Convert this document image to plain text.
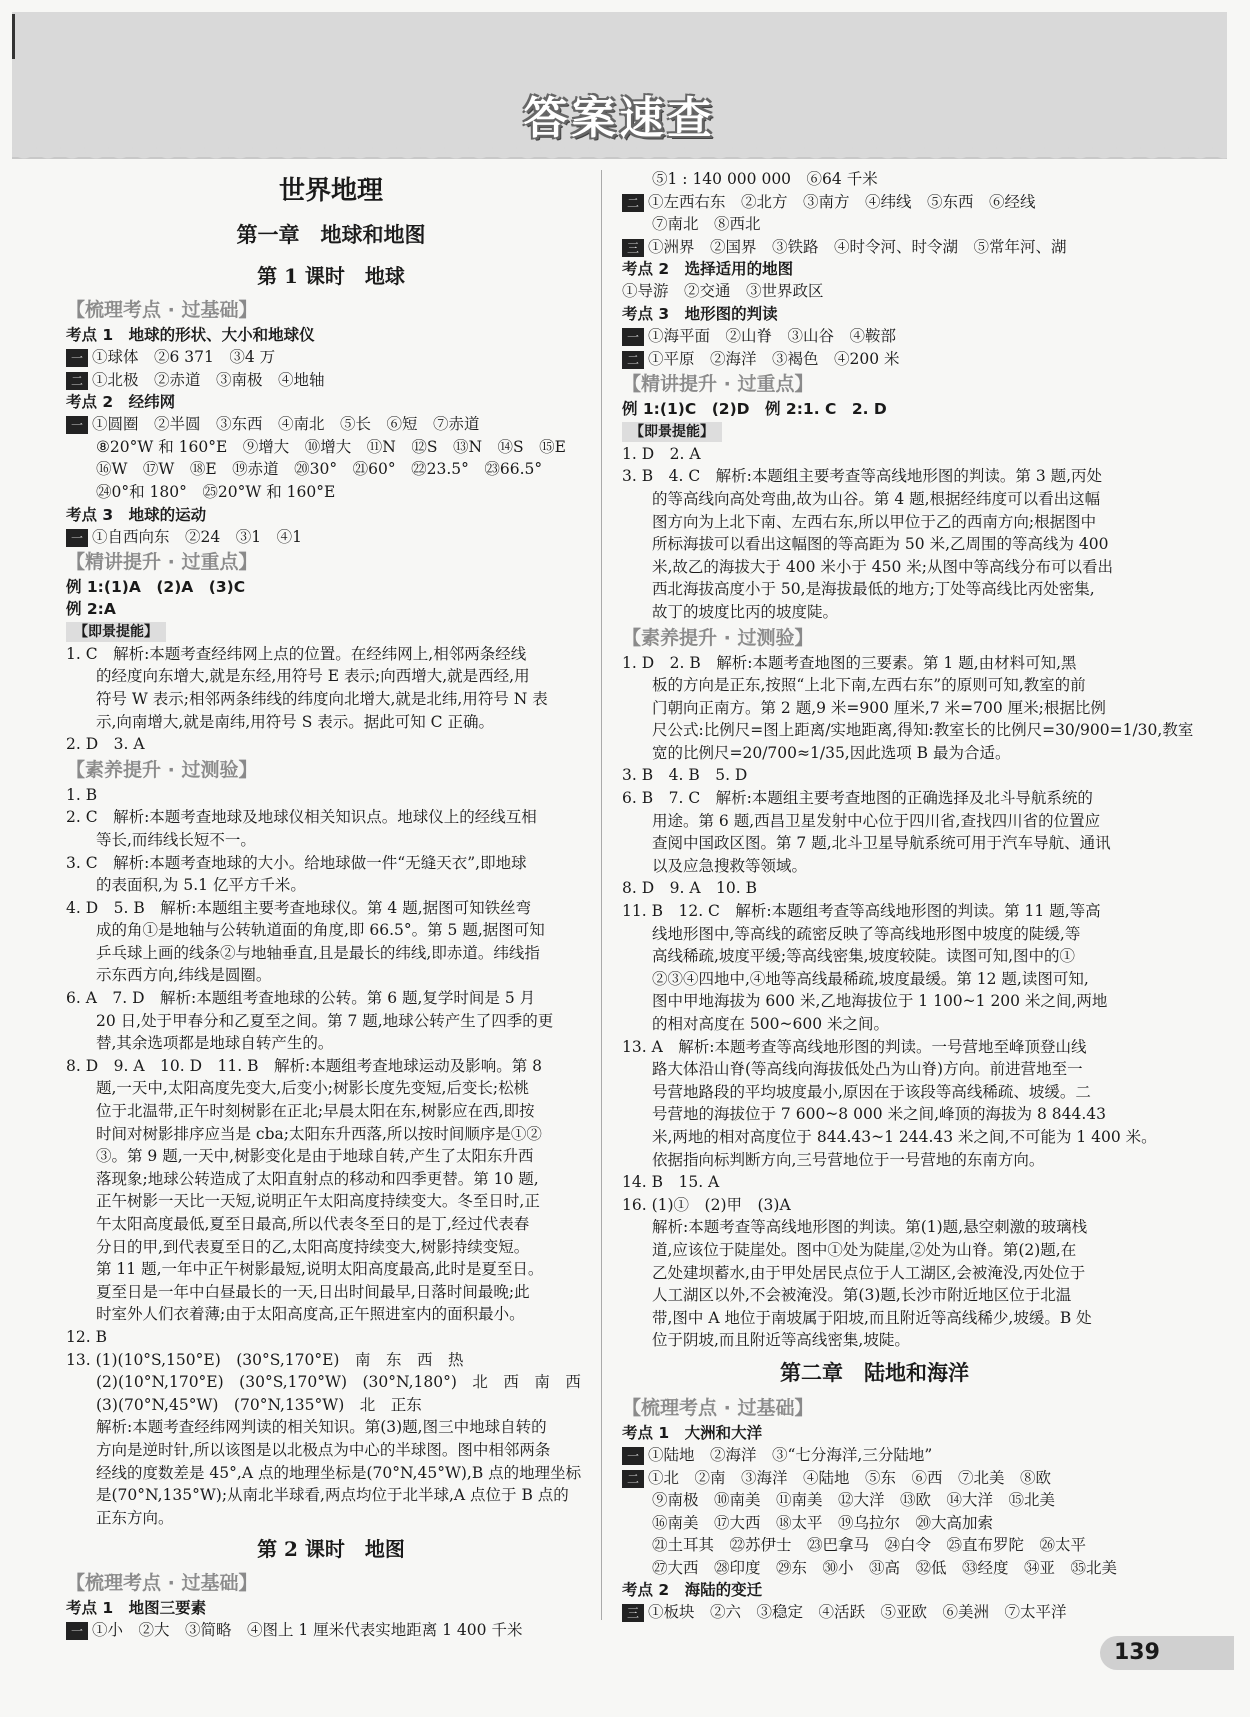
答案速查
世界地理
第一章　地球和地图
第 1 课时　地球
【梳理考点 · 过基础】
考点 1　地球的形状、大小和地球仪
一 ①球体　②6 371　③4 万
二 ①北极　②赤道　③南极　④地轴
考点 2　经纬网
一 ①圆圈　②半圆　③东西　④南北　⑤长　⑥短　⑦赤道
⑧20°W 和 160°E　⑨增大　⑩增大　⑪N　⑫S　⑬N　⑭S　⑮E
⑯W　⑰W　⑱E　⑲赤道　⑳30°　㉑60°　㉒23.5°　㉓66.5°
㉔0°和 180°　㉕20°W 和 160°E
考点 3　地球的运动
一 ①自西向东　②24　③1　④1
【精讲提升 · 过重点】
例 1:(1)A　(2)A　(3)C
例 2:A
【即景提能】
1. C　解析:本题考查经纬网上点的位置。在经纬网上,相邻两条经线
的经度向东增大,就是东经,用符号 E 表示;向西增大,就是西经,用
符号 W 表示;相邻两条纬线的纬度向北增大,就是北纬,用符号 N 表
示,向南增大,就是南纬,用符号 S 表示。据此可知 C 正确。
2. D　3. A
【素养提升 · 过测验】
1. B
2. C　解析:本题考查地球及地球仪相关知识点。地球仪上的经线互相
等长,而纬线长短不一。
3. C　解析:本题考查地球的大小。给地球做一件“无缝天衣”,即地球
的表面积,为 5.1 亿平方千米。
4. D　5. B　解析:本题组主要考查地球仪。第 4 题,据图可知铁丝弯
成的角①是地轴与公转轨道面的角度,即 66.5°。第 5 题,据图可知
乒乓球上画的线条②与地轴垂直,且是最长的纬线,即赤道。纬线指
示东西方向,纬线是圆圈。
6. A　7. D　解析:本题组考查地球的公转。第 6 题,复学时间是 5 月
20 日,处于甲春分和乙夏至之间。第 7 题,地球公转产生了四季的更
替,其余选项都是地球自转产生的。
8. D　9. A　10. D　11. B　解析:本题组考查地球运动及影响。第 8
题,一天中,太阳高度先变大,后变小;树影长度先变短,后变长;松桃
位于北温带,正午时刻树影在正北;早晨太阳在东,树影应在西,即按
时间对树影排序应当是 cba;太阳东升西落,所以按时间顺序是①②
③。第 9 题,一天中,树影变化是由于地球自转,产生了太阳东升西
落现象;地球公转造成了太阳直射点的移动和四季更替。第 10 题,
正午树影一天比一天短,说明正午太阳高度持续变大。冬至日时,正
午太阳高度最低,夏至日最高,所以代表冬至日的是丁,经过代表春
分日的甲,到代表夏至日的乙,太阳高度持续变大,树影持续变短。
第 11 题,一年中正午树影最短,说明太阳高度最高,此时是夏至日。
夏至日是一年中白昼最长的一天,日出时间最早,日落时间最晚;此
时室外人们衣着薄;由于太阳高度高,正午照进室内的面积最小。
12. B
13. (1)(10°S,150°E)　(30°S,170°E)　南　东　西　热
(2)(10°N,170°E)　(30°S,170°W)　(30°N,180°)　北　西　南　西
(3)(70°N,45°W)　(70°N,135°W)　北　正东
解析:本题考查经纬网判读的相关知识。第(3)题,图三中地球自转的
方向是逆时针,所以该图是以北极点为中心的半球图。图中相邻两条
经线的度数差是 45°,A 点的地理坐标是(70°N,45°W),B 点的地理坐标
是(70°N,135°W);从南北半球看,两点均位于北半球,A 点位于 B 点的
正东方向。
第 2 课时　地图
【梳理考点 · 过基础】
考点 1　地图三要素
一 ①小　②大　③简略　④图上 1 厘米代表实地距离 1 400 千米
⑤1 : 140 000 000　⑥64 千米
二 ①左西右东　②北方　③南方　④纬线　⑤东西　⑥经线
⑦南北　⑧西北
三 ①洲界　②国界　③铁路　④时令河、时令湖　⑤常年河、湖
考点 2　选择适用的地图
①导游　②交通　③世界政区
考点 3　地形图的判读
一 ①海平面　②山脊　③山谷　④鞍部
二 ①平原　②海洋　③褐色　④200 米
【精讲提升 · 过重点】
例 1:(1)C　(2)D　例 2:1. C　2. D
【即景提能】
1. D　2. A
3. B　4. C　解析:本题组主要考查等高线地形图的判读。第 3 题,丙处
的等高线向高处弯曲,故为山谷。第 4 题,根据经纬度可以看出这幅
图方向为上北下南、左西右东,所以甲位于乙的西南方向;根据图中
所标海拔可以看出这幅图的等高距为 50 米,乙周围的等高线为 400
米,故乙的海拔大于 400 米小于 450 米;从图中等高线分布可以看出
西北海拔高度小于 50,是海拔最低的地方;丁处等高线比丙处密集,
故丁的坡度比丙的坡度陡。
【素养提升 · 过测验】
1. D　2. B　解析:本题考查地图的三要素。第 1 题,由材料可知,黑
板的方向是正东,按照“上北下南,左西右东”的原则可知,教室的前
门朝向正南方。第 2 题,9 米=900 厘米,7 米=700 厘米;根据比例
尺公式:比例尺=图上距离/实地距离,得知:教室长的比例尺=30/900=1/30,教室
宽的比例尺=20/700≈1/35,因此选项 B 最为合适。
3. B　4. B　5. D
6. B　7. C　解析:本题组主要考查地图的正确选择及北斗导航系统的
用途。第 6 题,西昌卫星发射中心位于四川省,查找四川省的位置应
查阅中国政区图。第 7 题,北斗卫星导航系统可用于汽车导航、通讯
以及应急搜救等领域。
8. D　9. A　10. B
11. B　12. C　解析:本题组考查等高线地形图的判读。第 11 题,等高
线地形图中,等高线的疏密反映了等高线地形图中坡度的陡缓,等
高线稀疏,坡度平缓;等高线密集,坡度较陡。读图可知,图中的①
②③④四地中,④地等高线最稀疏,坡度最缓。第 12 题,读图可知,
图中甲地海拔为 600 米,乙地海拔位于 1 100~1 200 米之间,两地
的相对高度在 500~600 米之间。
13. A　解析:本题考查等高线地形图的判读。一号营地至峰顶登山线
路大体沿山脊(等高线向海拔低处凸为山脊)方向。前进营地至一
号营地路段的平均坡度最小,原因在于该段等高线稀疏、坡缓。二
号营地的海拔位于 7 600~8 000 米之间,峰顶的海拔为 8 844.43
米,两地的相对高度位于 844.43~1 244.43 米之间,不可能为 1 400 米。
依据指向标判断方向,三号营地位于一号营地的东南方向。
14. B　15. A
16. (1)①　(2)甲　(3)A
解析:本题考查等高线地形图的判读。第(1)题,悬空刺激的玻璃栈
道,应该位于陡崖处。图中①处为陡崖,②处为山脊。第(2)题,在
乙处建坝蓄水,由于甲处居民点位于人工湖区,会被淹没,丙处位于
人工湖区以外,不会被淹没。第(3)题,长沙市附近地区位于北温
带,图中 A 地位于南坡属于阳坡,而且附近等高线稀少,坡缓。B 处
位于阴坡,而且附近等高线密集,坡陡。
第二章　陆地和海洋
【梳理考点 · 过基础】
考点 1　大洲和大洋
一 ①陆地　②海洋　③“七分海洋,三分陆地”
二 ①北　②南　③海洋　④陆地　⑤东　⑥西　⑦北美　⑧欧
⑨南极　⑩南美　⑪南美　⑫大洋　⑬欧　⑭大洋　⑮北美
⑯南美　⑰大西　⑱太平　⑲乌拉尔　⑳大高加索
㉑土耳其　㉒苏伊士　㉓巴拿马　㉔白令　㉕直布罗陀　㉖太平
㉗大西　㉘印度　㉙东　㉚小　㉛高　㉜低　㉝经度　㉞亚　㉟北美
考点 2　海陆的变迁
三 ①板块　②六　③稳定　④活跃　⑤亚欧　⑥美洲　⑦太平洋
139
